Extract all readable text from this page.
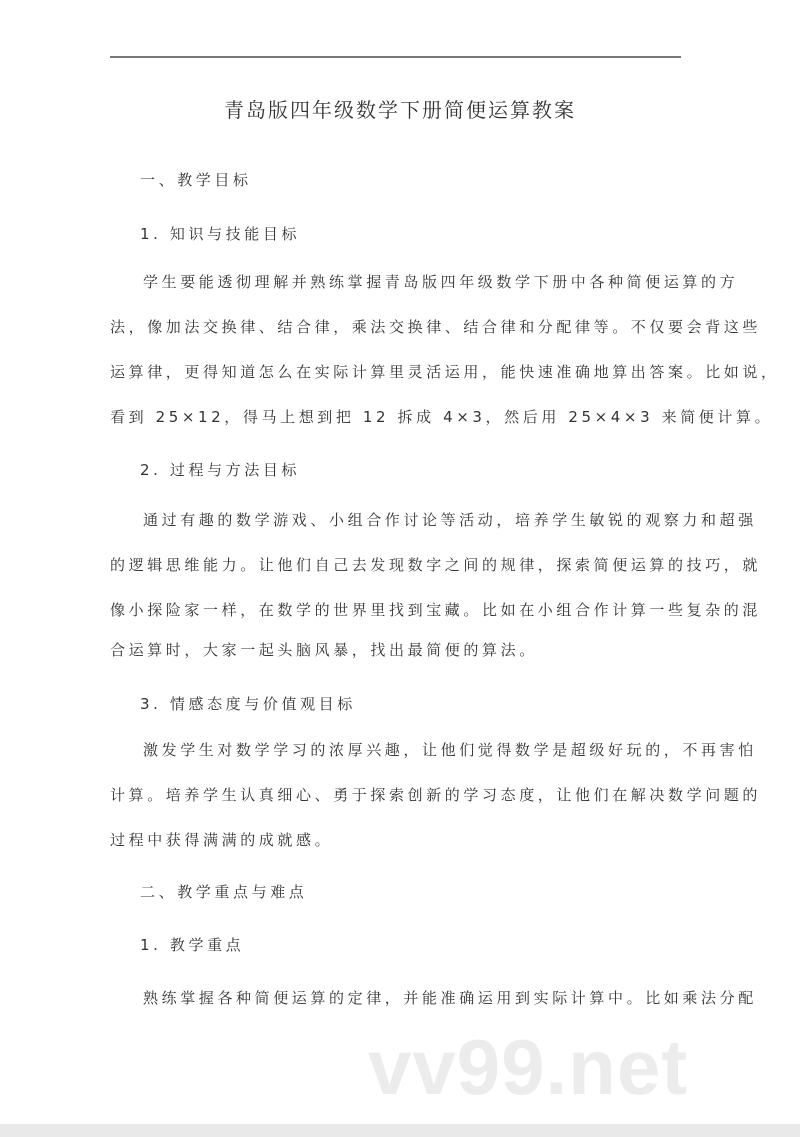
青岛版四年级数学下册简便运算教案
一、教学目标
1. 知识与技能目标
学生要能透彻理解并熟练掌握青岛版四年级数学下册中各种简便运算的方
法，像加法交换律、结合律，乘法交换律、结合律和分配律等。不仅要会背这些
运算律，更得知道怎么在实际计算里灵活运用，能快速准确地算出答案。比如说，
看到 25×12，得马上想到把 12 拆成 4×3，然后用 25×4×3 来简便计算。
2. 过程与方法目标
通过有趣的数学游戏、小组合作讨论等活动，培养学生敏锐的观察力和超强
的逻辑思维能力。让他们自己去发现数字之间的规律，探索简便运算的技巧，就
像小探险家一样，在数学的世界里找到宝藏。比如在小组合作计算一些复杂的混
合运算时，大家一起头脑风暴，找出最简便的算法。
3. 情感态度与价值观目标
激发学生对数学学习的浓厚兴趣，让他们觉得数学是超级好玩的，不再害怕
计算。培养学生认真细心、勇于探索创新的学习态度，让他们在解决数学问题的
过程中获得满满的成就感。
二、教学重点与难点
1. 教学重点
熟练掌握各种简便运算的定律，并能准确运用到实际计算中。比如乘法分配
vv99.net
